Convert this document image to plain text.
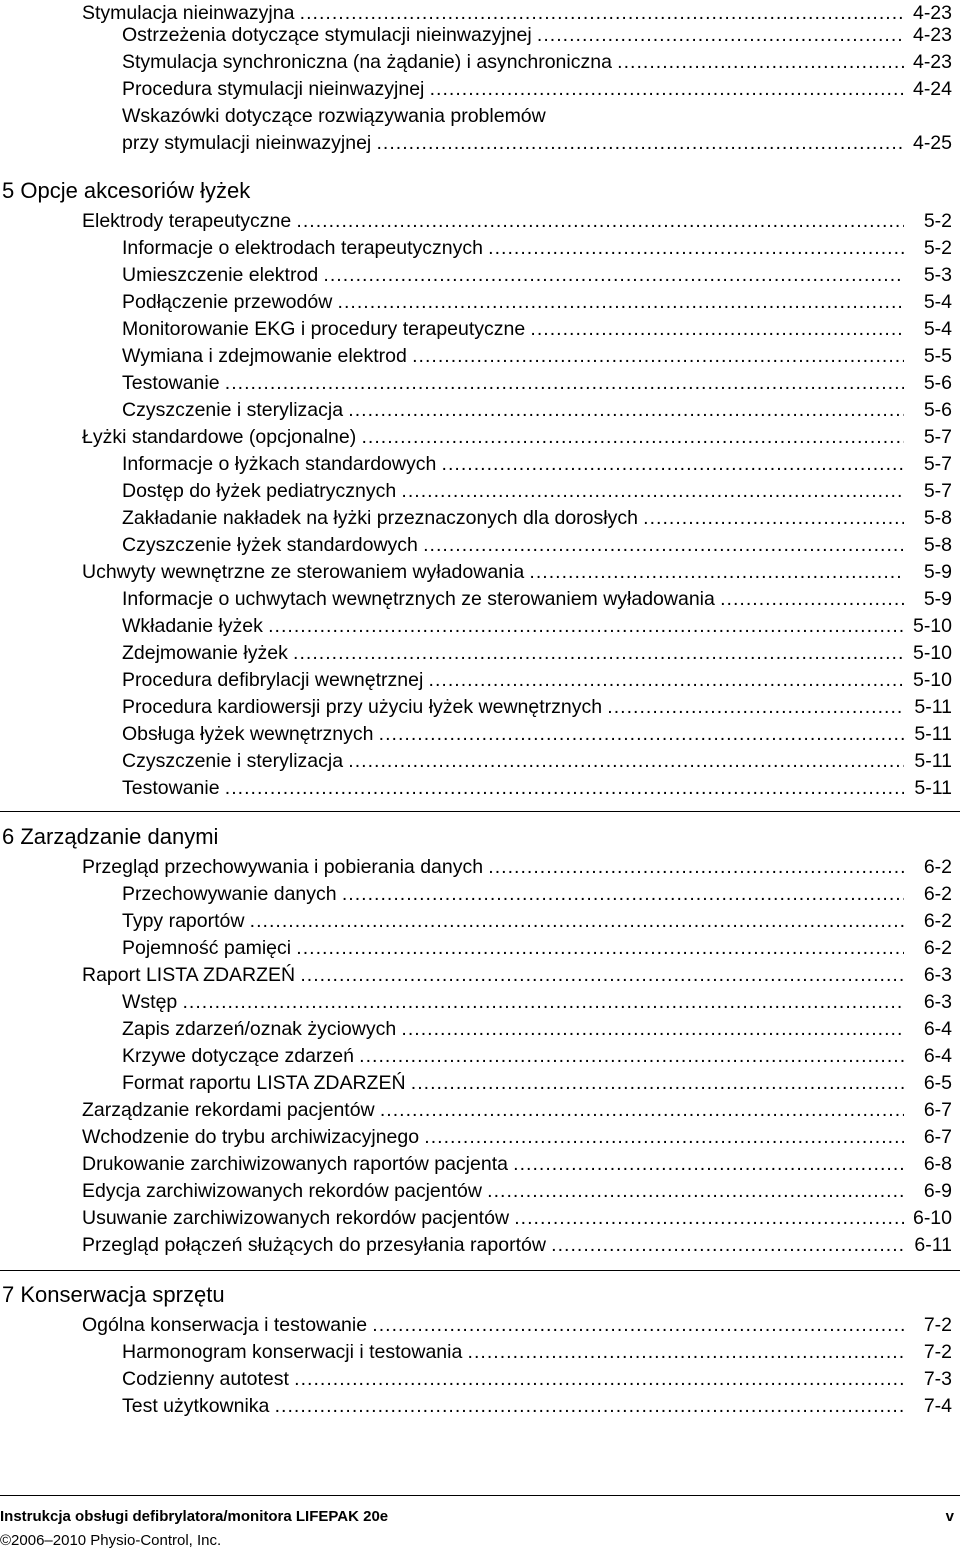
Stymulacja nieinwazyjna . . .	4-23
Ostrzeżenia dotyczące stymulacji nieinwazyjnej . . .	4-23
Stymulacja synchroniczna (na żądanie) i asynchroniczna . . .	4-23
Procedura stymulacji nieinwazyjnej . . .	4-24
Wskazówki dotyczące rozwiązywania problemów
przy stymulacji nieinwazyjnej . . .	4-25
5 Opcje akcesoriów łyżek
Elektrody terapeutyczne . . .	5-2
Informacje o elektrodach terapeutycznych . . .	5-2
Umieszczenie elektrod . . .	5-3
Podłączenie przewodów . . .	5-4
Monitorowanie EKG i procedury terapeutyczne . . .	5-4
Wymiana i zdejmowanie elektrod . . .	5-5
Testowanie . . .	5-6
Czyszczenie i sterylizacja . . .	5-6
Łyżki standardowe (opcjonalne) . . .	5-7
Informacje o łyżkach standardowych . . .	5-7
Dostęp do łyżek pediatrycznych . . .	5-7
Zakładanie nakładek na łyżki przeznaczonych dla dorosłych . . .	5-8
Czyszczenie łyżek standardowych . . .	5-8
Uchwyty wewnętrzne ze sterowaniem wyładowania . . .	5-9
Informacje o uchwytach wewnętrznych ze sterowaniem wyładowania . . .	5-9
Wkładanie łyżek . . .	5-10
Zdejmowanie łyżek . . .	5-10
Procedura defibrylacji wewnętrznej . . .	5-10
Procedura kardiowersji przy użyciu łyżek wewnętrznych . . .	5-11
Obsługa łyżek wewnętrznych . . .	5-11
Czyszczenie i sterylizacja . . .	5-11
Testowanie . . .	5-11
6 Zarządzanie danymi
Przegląd przechowywania i pobierania danych . . .	6-2
Przechowywanie danych . . .	6-2
Typy raportów . . .	6-2
Pojemność pamięci . . .	6-2
Raport LISTA ZDARZEŃ . . .	6-3
Wstęp . . .	6-3
Zapis zdarzeń/oznak życiowych . . .	6-4
Krzywe dotyczące zdarzeń . . .	6-4
Format raportu LISTA ZDARZEŃ . . .	6-5
Zarządzanie rekordami pacjentów . . .	6-7
Wchodzenie do trybu archiwizacyjnego . . .	6-7
Drukowanie zarchiwizowanych raportów pacjenta . . .	6-8
Edycja zarchiwizowanych rekordów pacjentów . . .	6-9
Usuwanie zarchiwizowanych rekordów pacjentów . . .	6-10
Przegląd połączeń służących do przesyłania raportów . . .	6-11
7 Konserwacja sprzętu
Ogólna konserwacja i testowanie . . .	7-2
Harmonogram konserwacji i testowania . . .	7-2
Codzienny autotest . . .	7-3
Test użytkownika . . .	7-4
Instrukcja obsługi defibrylatora/monitora LIFEPAK 20e	v
©2006–2010 Physio-Control, Inc.
